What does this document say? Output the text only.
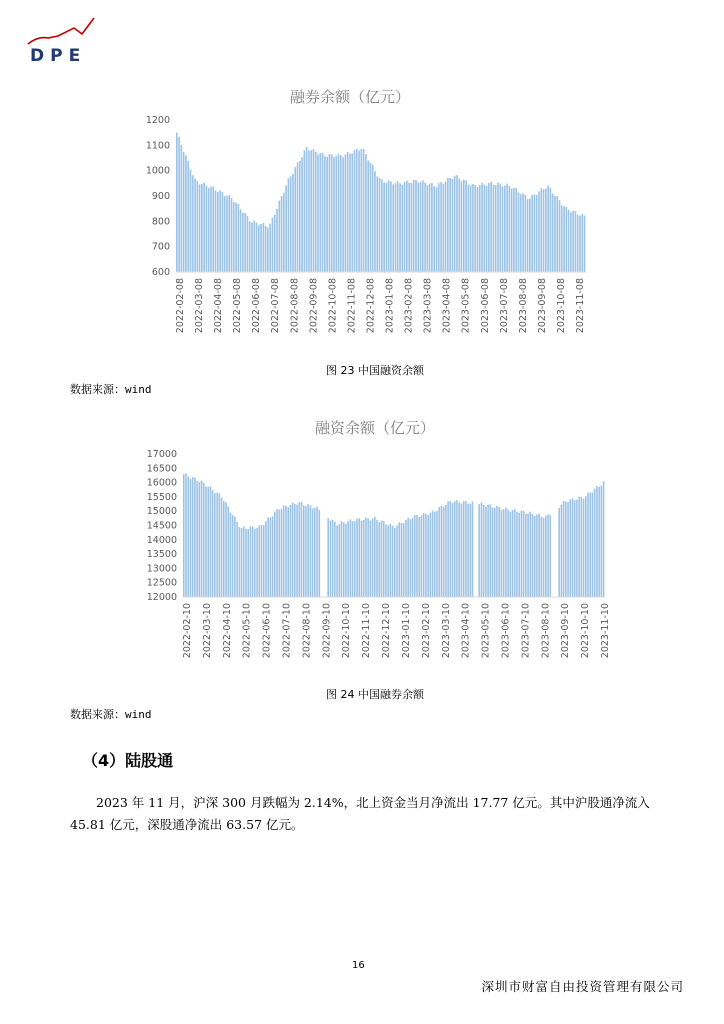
DPE
融券余额（亿元）
1200
1100
1000
900
800
700
600
2022-02-08 2022-03-08 2022-04-08 2022-05-08 2022-06-08 2022-07-08 2022-08-08 2022-09-08 2022-10-08 2022-11-08 2022-12-08 2023-01-08 2023-02-08 2023-03-08 2023-04-08 2023-05-08 2023-06-08 2023-07-08 2023-08-08 2023-09-08 2023-10-08 2023-11-08
图 23 中国融资余额
数据来源：wind
融资余额（亿元）
17000
16500
16000
15500
15000
14500
14000
13500
13000
12500
12000
2022-02-10 2022-03-10 2022-04-10 2022-05-10 2022-06-10 2022-07-10 2022-08-10 2022-09-10 2022-10-10 2022-11-10 2022-12-10 2023-01-10 2023-02-10 2023-03-10 2023-04-10 2023-05-10 2023-06-10 2023-07-10 2023-08-10 2023-09-10 2023-10-10 2023-11-10
图 24 中国融券余额
数据来源：wind
（4）陆股通
2023 年 11 月，沪深 300 月跌幅为 2.14%，北上资金当月净流出 17.77 亿元。其中沪股通净流入 45.81 亿元，深股通净流出 63.57 亿元。
16
深圳市财富自由投资管理有限公司
